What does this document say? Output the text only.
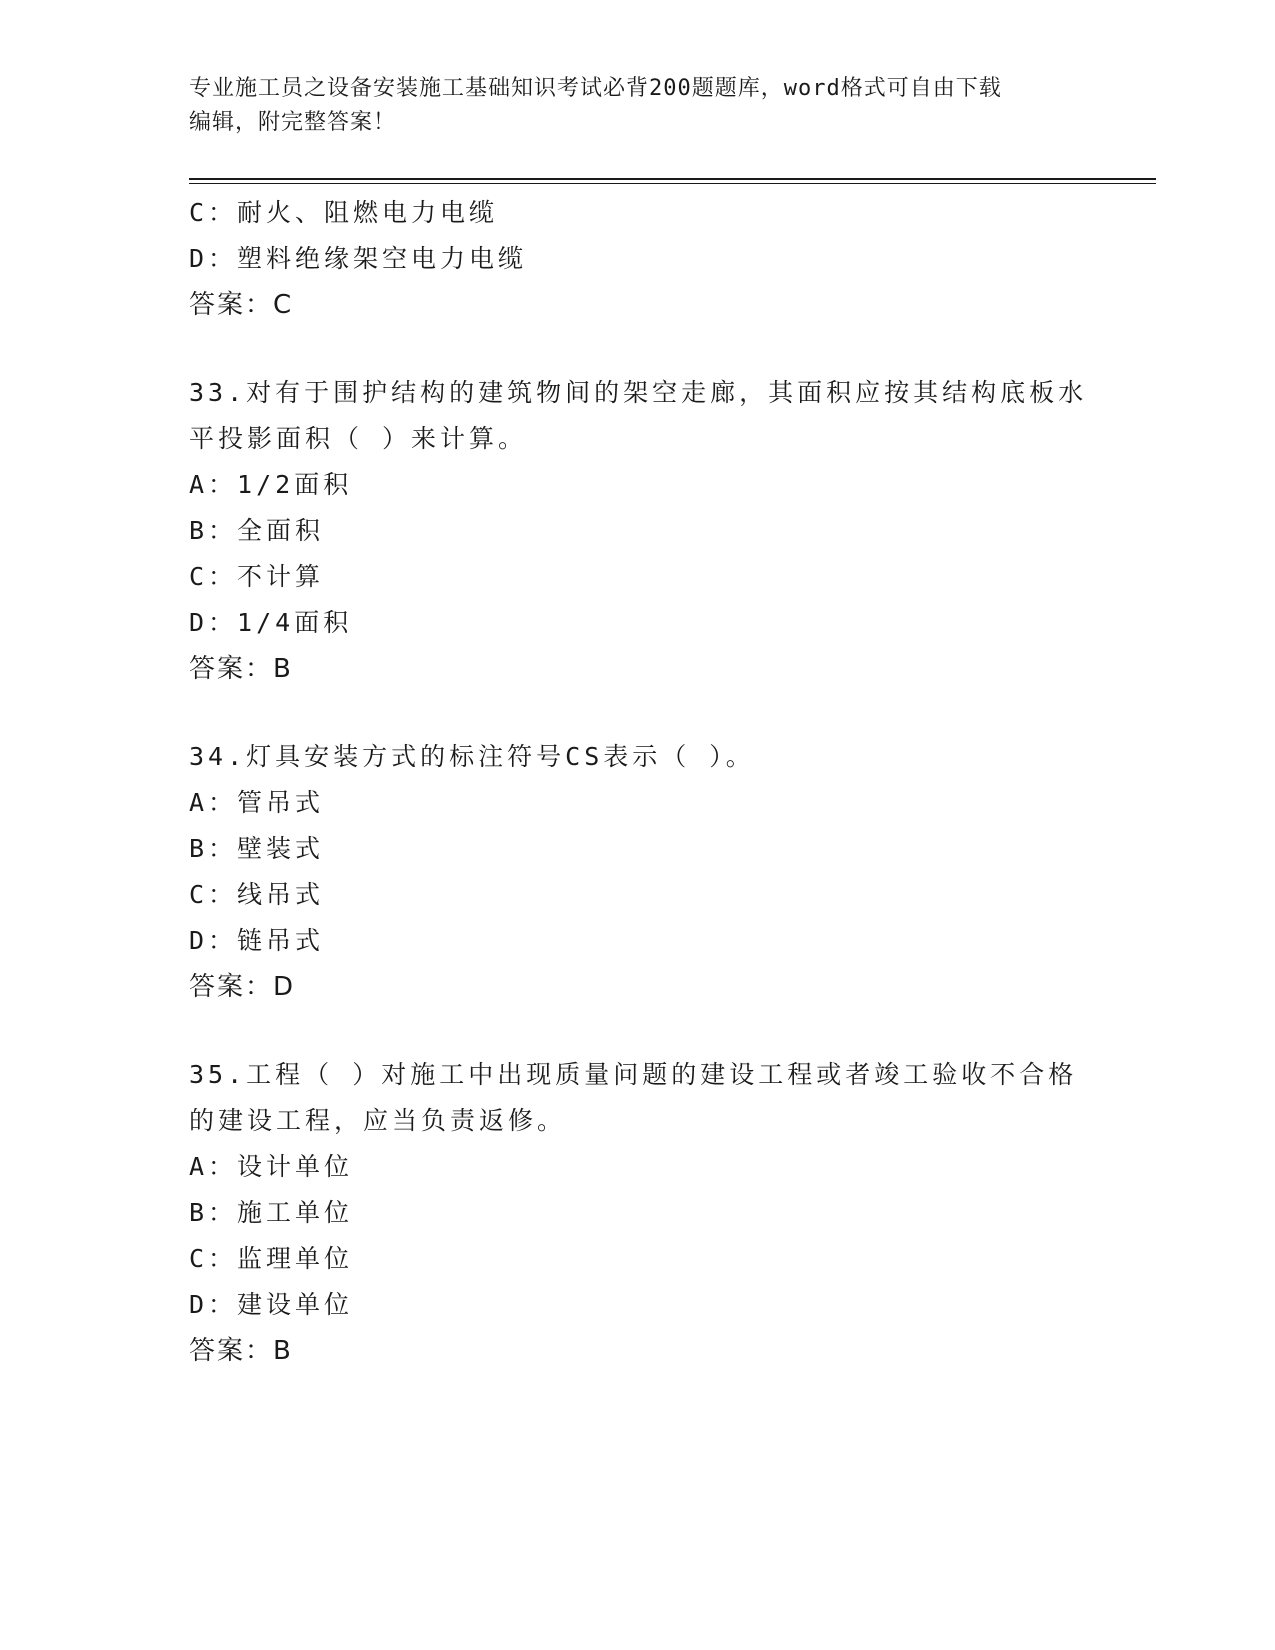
专业施工员之设备安装施工基础知识考试必背200题题库，word格式可自由下载
编辑，附完整答案！
C：耐火、阻燃电力电缆
D：塑料绝缘架空电力电缆
答案：C
33.对有于围护结构的建筑物间的架空走廊，其面积应按其结构底板水
平投影面积（ ）来计算。
A：1/2面积
B：全面积
C：不计算
D：1/4面积
答案：B
34.灯具安装方式的标注符号CS表示（ ）。
A：管吊式
B：壁装式
C：线吊式
D：链吊式
答案：D
35.工程（ ）对施工中出现质量问题的建设工程或者竣工验收不合格
的建设工程，应当负责返修。
A：设计单位
B：施工单位
C：监理单位
D：建设单位
答案：B
